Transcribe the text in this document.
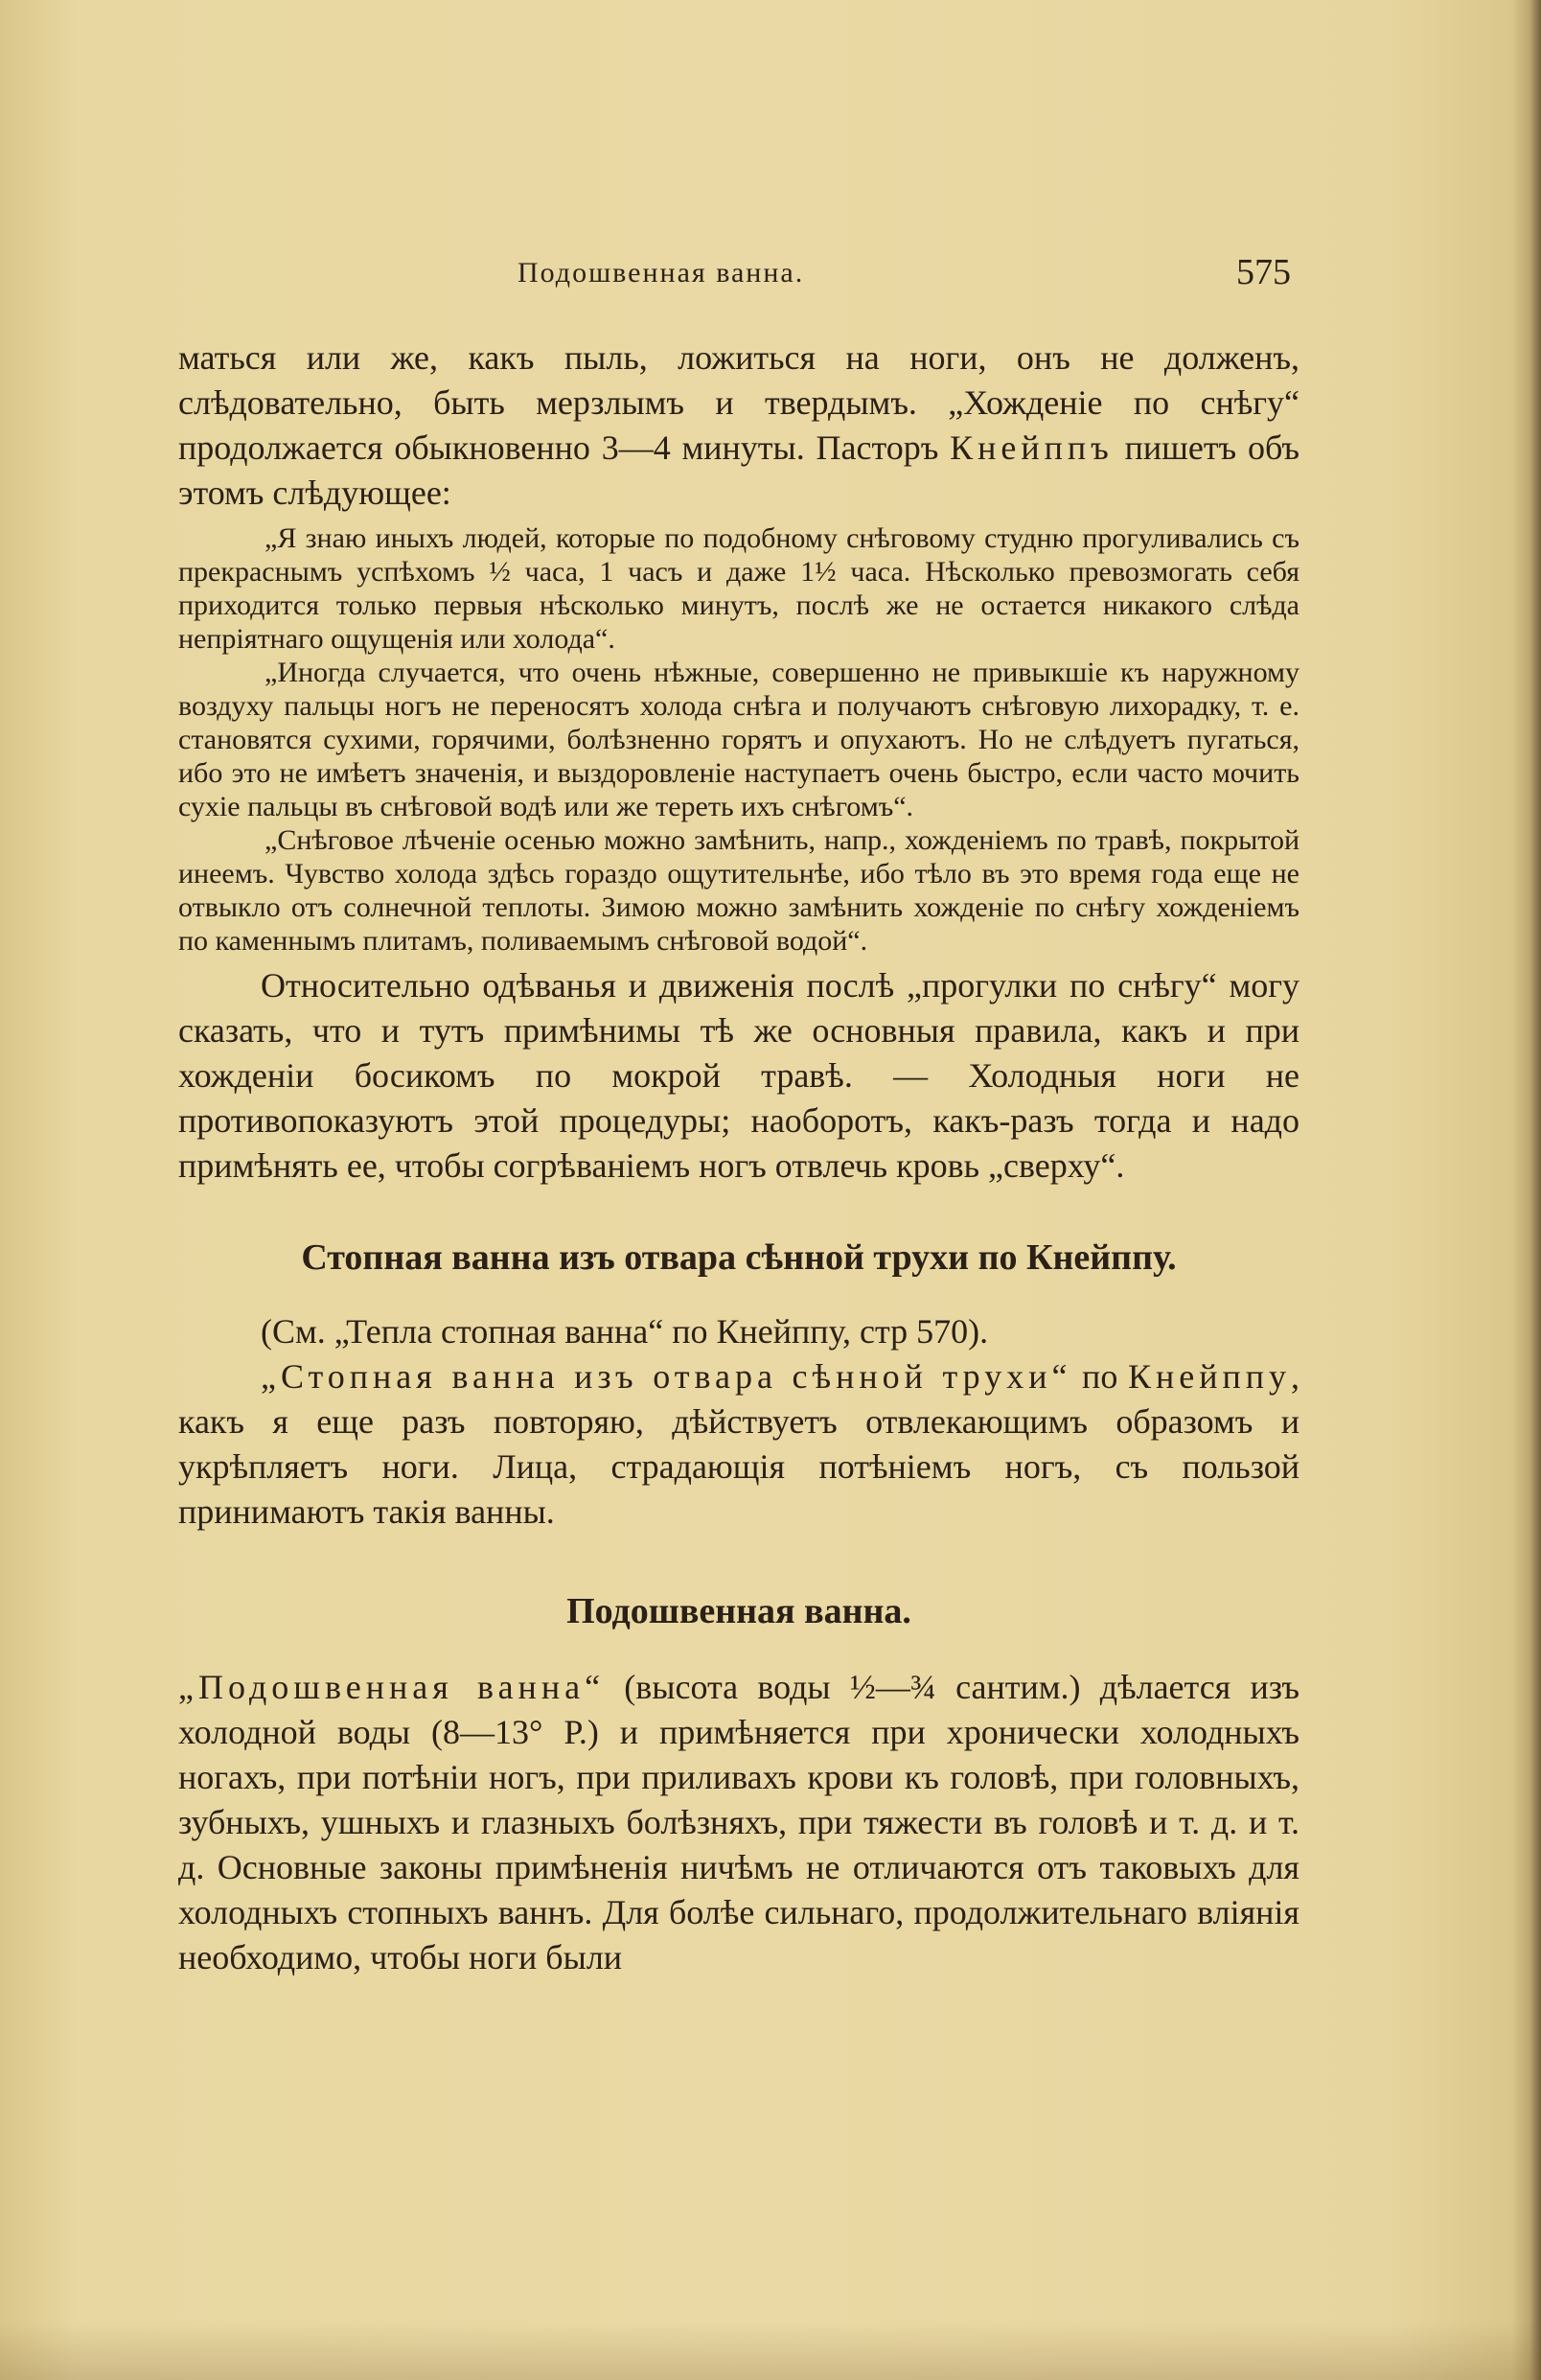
Подошвенная ванна.	575

маться или же, какъ пыль, ложиться на ноги, онъ не долженъ, слѣдовательно, быть мерзлымъ и твердымъ. „Хожденіе по снѣгу“ продолжается обыкновенно 3—4 минуты. Пасторъ Кнейппъ пишетъ объ этомъ слѣдующее:

„Я знаю иныхъ людей, которые по подобному снѣговому студню прогуливались съ прекраснымъ успѣхомъ ½ часа, 1 часъ и даже 1½ часа. Нѣсколько превозмогать себя приходится только первыя нѣсколько минутъ, послѣ же не остается никакого слѣда непріятнаго ощущенія или холода“.

„Иногда случается, что очень нѣжные, совершенно не привыкшіе къ наружному воздуху пальцы ногъ не переносятъ холода снѣга и получаютъ снѣговую лихорадку, т. е. становятся сухими, горячими, болѣзненно горятъ и опухаютъ. Но не слѣдуетъ пугаться, ибо это не имѣетъ значенія, и выздоровленіе наступаетъ очень быстро, если часто мочить сухіе пальцы въ снѣговой водѣ или же тереть ихъ снѣгомъ“.

„Снѣговое лѣченіе осенью можно замѣнить, напр., хожденіемъ по травѣ, покрытой инеемъ. Чувство холода здѣсь гораздо ощутительнѣе, ибо тѣло въ это время года еще не отвыкло отъ солнечной теплоты. Зимою можно замѣнить хожденіе по снѣгу хожденіемъ по каменнымъ плитамъ, поливаемымъ снѣговой водой“.

Относительно одѣванья и движенія послѣ „прогулки по снѣгу“ могу сказать, что и тутъ примѣнимы тѣ же основныя правила, какъ и при хожденіи босикомъ по мокрой травѣ. — Холодныя ноги не противопоказуютъ этой процедуры; наоборотъ, какъ-разъ тогда и надо примѣнять ее, чтобы согрѣваніемъ ногъ отвлечь кровь „сверху“.

Стопная ванна изъ отвара сѣнной трухи по Кнейппу.

(См. „Тепла стопная ванна“ по Кнейппу, стр 570).

„Стопная ванна изъ отвара сѣнной трухи“ по Кнейппу, какъ я еще разъ повторяю, дѣйствуетъ отвлекающимъ образомъ и укрѣпляетъ ноги. Лица, страдающія потѣніемъ ногъ, съ пользой принимаютъ такія ванны.

Подошвенная ванна.

„Подошвенная ванна“ (высота воды ½—¾ сантим.) дѣлается изъ холодной воды (8—13° Р.) и примѣняется при хронически холодныхъ ногахъ, при потѣніи ногъ, при приливахъ крови къ головѣ, при головныхъ, зубныхъ, ушныхъ и глазныхъ болѣзняхъ, при тяжести въ головѣ и т. д. и т. д. Основные законы примѣненія ничѣмъ не отличаются отъ таковыхъ для холодныхъ стопныхъ ваннъ. Для болѣе сильнаго, продолжительнаго вліянія необходимо, чтобы ноги были
